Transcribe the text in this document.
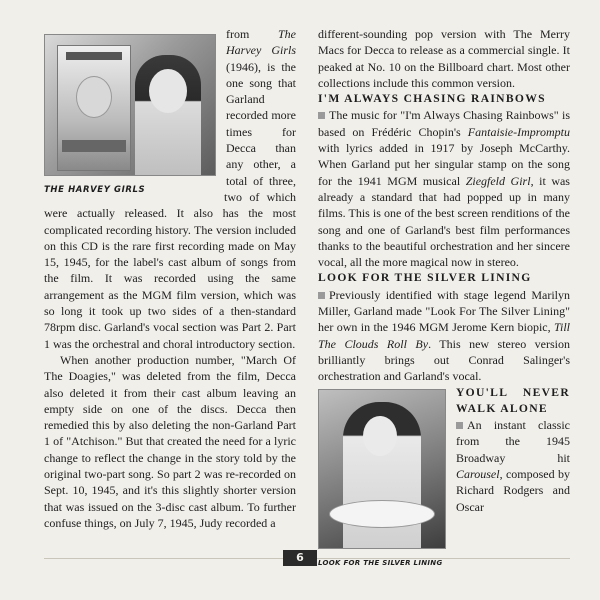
THE HARVEY GIRLS

from The Harvey Girls (1946), is the one song that Garland recorded more times for Decca than any other, a total of three, two of which were actually released. It also has the most complicated recording history. The version included on this CD is the rare first recording made on May 15, 1945, for the label's cast album of songs from the film. It was recorded using the same arrangement as the MGM film version, which was so long it took up two sides of a then-standard 78rpm disc. Garland's vocal section was Part 2. Part 1 was the orchestral and choral introductory section.

When another production number, "March Of The Doagies," was deleted from the film, Decca also deleted it from their cast album leaving an empty side on one of the discs. Decca then remedied this by also deleting the non-Garland Part 1 of "Atchison." But that created the need for a lyric change to reflect the change in the story told by the original two-part song. So part 2 was re-recorded on Sept. 10, 1945, and it's this slightly shorter version that was issued on the 3-disc cast album. To further confuse things, on July 7, 1945, Judy recorded a

different-sounding pop version with The Merry Macs for Decca to release as a commercial single. It peaked at No. 10 on the Billboard chart. Most other collections include this common version.

I'M ALWAYS CHASING RAINBOWS

The music for "I'm Always Chasing Rainbows" is based on Frédéric Chopin's Fantaisie-Impromptu with lyrics added in 1917 by Joseph McCarthy. When Garland put her singular stamp on the song for the 1941 MGM musical Ziegfeld Girl, it was already a standard that had popped up in many films. This is one of the best screen renditions of the song and one of Garland's best film performances thanks to the beautiful orchestration and her sincere vocal, all the more magical now in stereo.

LOOK FOR THE SILVER LINING

Previously identified with stage legend Marilyn Miller, Garland made "Look For The Silver Lining" her own in the 1946 MGM Jerome Kern biopic, Till The Clouds Roll By. This new stereo version brilliantly brings out Conrad Salinger's orchestration and Garland's vocal.

LOOK FOR THE SILVER LINING

YOU'LL NEVER WALK ALONE

An instant classic from the 1945 Broadway hit Carousel, composed by Richard Rodgers and Oscar

6
